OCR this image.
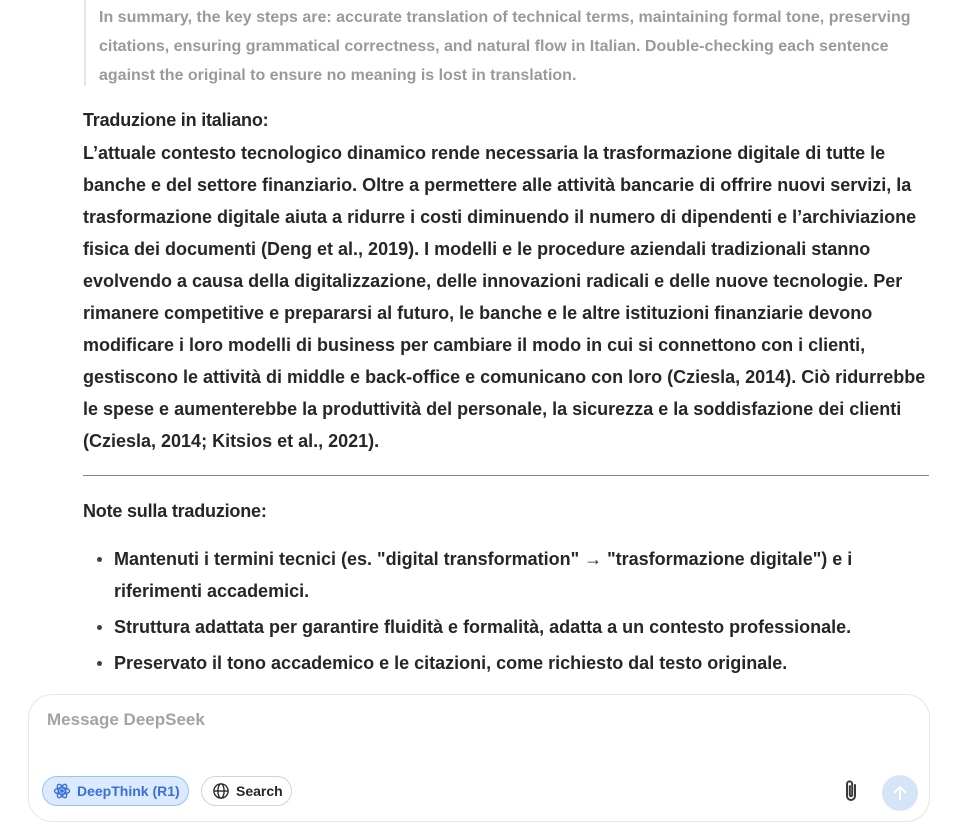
In summary, the key steps are: accurate translation of technical terms, maintaining formal tone, preserving citations, ensuring grammatical correctness, and natural flow in Italian. Double-checking each sentence against the original to ensure no meaning is lost in translation.

Traduzione in italiano:

L’attuale contesto tecnologico dinamico rende necessaria la trasformazione digitale di tutte le banche e del settore finanziario. Oltre a permettere alle attività bancarie di offrire nuovi servizi, la trasformazione digitale aiuta a ridurre i costi diminuendo il numero di dipendenti e l’archiviazione fisica dei documenti (Deng et al., 2019). I modelli e le procedure aziendali tradizionali stanno evolvendo a causa della digitalizzazione, delle innovazioni radicali e delle nuove tecnologie. Per rimanere competitive e prepararsi al futuro, le banche e le altre istituzioni finanziarie devono modificare i loro modelli di business per cambiare il modo in cui si connettono con i clienti, gestiscono le attività di middle e back-office e comunicano con loro (Cziesla, 2014). Ciò ridurrebbe le spese e aumenterebbe la produttività del personale, la sicurezza e la soddisfazione dei clienti (Cziesla, 2014; Kitsios et al., 2021).

Note sulla traduzione:
Mantenuti i termini tecnici (es. "digital transformation" → "trasformazione digitale") e i riferimenti accademici.
Struttura adattata per garantire fluidità e formalità, adatta a un contesto professionale.
Preservato il tono accademico e le citazioni, come richiesto dal testo originale.
Message DeepSeek
DeepThink (R1)	Search
